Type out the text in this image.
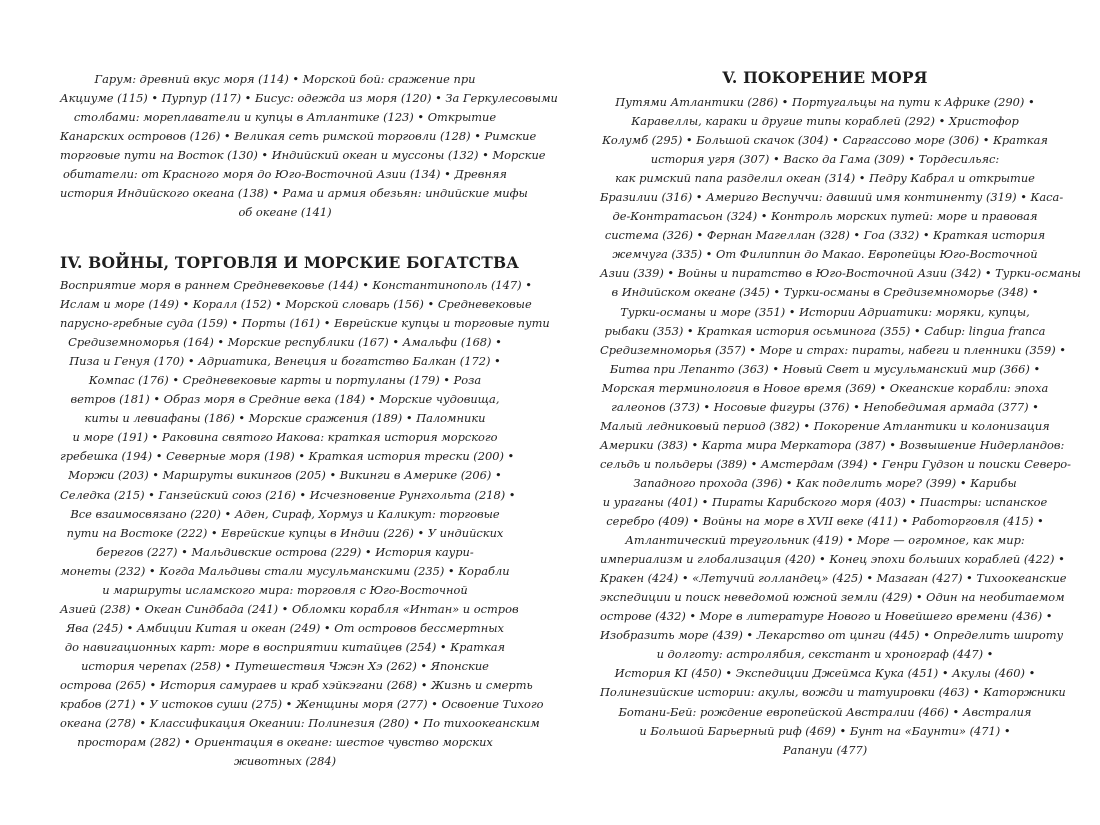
Гарум: древний вкус моря (114) • Морской бой: сражение при
Акциуме (115) • Пурпур (117) • Бисус: одежда из моря (120) • За Геркулесовыми
столбами: мореплаватели и купцы в Атлантике (123) • Открытие
Канарских островов (126) • Великая сеть римской торговли (128) • Римские
торговые пути на Восток (130) • Индийский океан и муссоны (132) • Морские
обитатели: от Красного моря до Юго-Восточной Азии (134) • Древняя
история Индийского океана (138) • Рама и армия обезьян: индийские мифы
об океане (141)
IV. ВОЙНЫ, ТОРГОВЛЯ И МОРСКИЕ БОГАТСТВА
Восприятие моря в раннем Средневековье (144) • Константинополь (147) •
Ислам и море (149) • Коралл (152) • Морской словарь (156) • Средневековые
парусно-гребные суда (159) • Порты (161) • Еврейские купцы и торговые пути
Средиземноморья (164) • Морские республики (167) • Амальфи (168) •
Пиза и Генуя (170) • Адриатика, Венеция и богатство Балкан (172) •
Компас (176) • Средневековые карты и портуланы (179) • Роза
ветров (181) • Образ моря в Средние века (184) • Морские чудовища,
киты и левиафаны (186) • Морские сражения (189) • Паломники
и море (191) • Раковина святого Иакова: краткая история морского
гребешка (194) • Северные моря (198) • Краткая история трески (200) •
Моржи (203) • Маршруты викингов (205) • Викинги в Америке (206) •
Селедка (215) • Ганзейский союз (216) • Исчезновение Рунгхольта (218) •
Все взаимосвязано (220) • Аден, Сираф, Хормуз и Каликут: торговые
пути на Востоке (222) • Еврейские купцы в Индии (226) • У индийских
берегов (227) • Мальдивские острова (229) • История каури-
монеты (232) • Когда Мальдивы стали мусульманскими (235) • Корабли
и маршруты исламского мира: торговля с Юго-Восточной
Азией (238) • Океан Синдбада (241) • Обломки корабля «Интан» и остров
Ява (245) • Амбиции Китая и океан (249) • От островов бессмертных
до навигационных карт: море в восприятии китайцев (254) • Краткая
история черепах (258) • Путешествия Чжэн Хэ (262) • Японские
острова (265) • История самураев и краб хэйкэгани (268) • Жизнь и смерть
крабов (271) • У истоков суши (275) • Женщины моря (277) • Освоение Тихого
океана (278) • Классификация Океании: Полинезия (280) • По тихоокеанским
просторам (282) • Ориентация в океане: шестое чувство морских
животных (284)
V. ПОКОРЕНИЕ МОРЯ
Путями Атлантики (286) • Португальцы на пути к Африке (290) •
Каравеллы, караки и другие типы кораблей (292) • Христофор
Колумб (295) • Большой скачок (304) • Саргассово море (306) • Краткая
история угря (307) • Васко да Гама (309) • Тордесильяс:
как римский папа разделил океан (314) • Педру Кабрал и открытие
Бразилии (316) • Америго Веспуччи: давший имя континенту (319) • Каса-
де-Контратасьон (324) • Контроль морских путей: море и правовая
система (326) • Фернан Магеллан (328) • Гоа (332) • Краткая история
жемчуга (335) • От Филиппин до Макао. Европейцы Юго-Восточной
Азии (339) • Войны и пиратство в Юго-Восточной Азии (342) • Турки-османы
в Индийском океане (345) • Турки-османы в Средиземноморье (348) •
Турки-османы и море (351) • Истории Адриатики: моряки, купцы,
рыбаки (353) • Краткая история осьминога (355) • Сабир: lingua franca
Средиземноморья (357) • Море и страх: пираты, набеги и пленники (359) •
Битва при Лепанто (363) • Новый Свет и мусульманский мир (366) •
Морская терминология в Новое время (369) • Океанские корабли: эпоха
галеонов (373) • Носовые фигуры (376) • Непобедимая армада (377) •
Малый ледниковый период (382) • Покорение Атлантики и колонизация
Америки (383) • Карта мира Меркатора (387) • Возвышение Нидерландов:
сельдь и польдеры (389) • Амстердам (394) • Генри Гудзон и поиски Северо-
Западного прохода (396) • Как поделить море? (399) • Карибы
и ураганы (401) • Пираты Карибского моря (403) • Пиастры: испанское
серебро (409) • Войны на море в XVII веке (411) • Работорговля (415) •
Атлантический треугольник (419) • Море — огромное, как мир:
империализм и глобализация (420) • Конец эпохи больших кораблей (422) •
Кракен (424) • «Летучий голландец» (425) • Мазаган (427) • Тихоокеанские
экспедиции и поиск неведомой южной земли (429) • Один на необитаемом
острове (432) • Море в литературе Нового и Новейшего времени (436) •
Изобразить море (439) • Лекарство от цинги (445) • Определить широту
и долготу: астролябия, секстант и хронограф (447) •
История KI (450) • Экспедиции Джеймса Кука (451) • Акулы (460) •
Полинезийские истории: акулы, вожди и татуировки (463) • Каторжники
Ботани-Бей: рождение европейской Австралии (466) • Австралия
и Большой Барьерный риф (469) • Бунт на «Баунти» (471) •
Рапануи (477)
